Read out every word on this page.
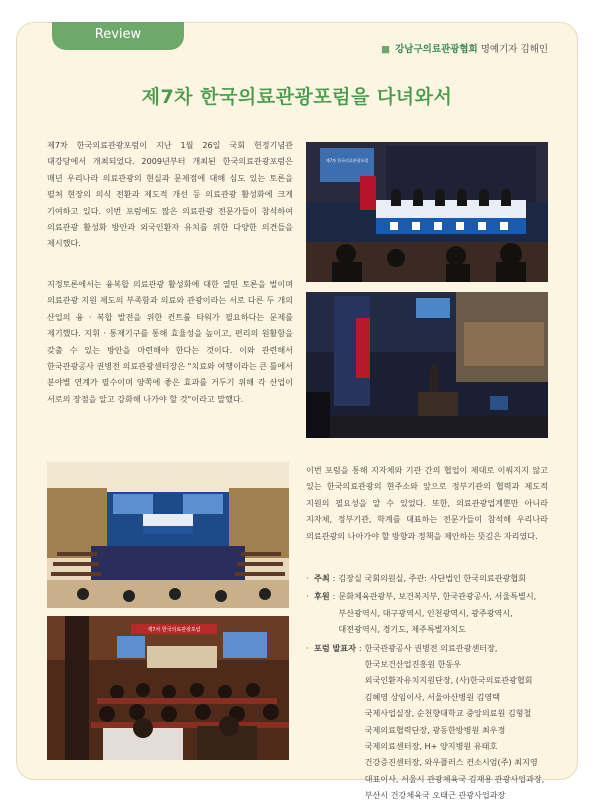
Review
■ 강남구의료관광협회 명예기자 김해인
제7차 한국의료관광포럼을 다녀와서

제7차 한국의료관광포럼이 지난 1월 26일 국회 헌정기념관 대강당에서 개최되었다. 2009년부터 개최된 한국의료관광포럼은 매년 우리나라 의료관광의 현실과 문제점에 대해 심도 있는 토론을 펼쳐 현장의 의식 전환과 제도적 개선 등 의료관광 활성화에 크게 기여하고 있다. 이번 포럼에도 많은 의료관광 전문가들이 참석하여 의료관광 활성화 방안과 외국인환자 유치를 위한 다양한 의견들을 제시했다.

지정토론에서는 융복합 의료관광 활성화에 대한 열띤 토론을 벌이며 의료관광 지원 제도의 부족함과 의료와 관광이라는 서로 다른 두 개의 산업의 융 · 복합 발전을 위한 컨트롤 타워가 필요하다는 문제를 제기했다. 지휘 · 통제기구를 통해 효율성을 높이고, 편리의 원활함을 갖출 수 있는 방안을 마련해야 한다는 것이다. 이와 관련해서 한국관광공사 권병전 의료관광센터장은 "치료와 여행이라는 큰 틀에서 분야별 연계가 필수이며 양쪽에 좋은 효과를 거두기 위해 각 산업이 서로의 장점을 알고 강화해 나가야 할 것"이라고 말했다.

이번 포럼을 통해 지자체와 기관 간의 협업이 제대로 이뤄지지 않고 있는 한국의료관광의 현주소와 앞으로 정부기관의 협력과 제도적 지원의 필요성을 알 수 있었다. 또한, 의료관광업계뿐만 아니라 지자체, 정부기관, 학계를 대표하는 전문가들이 참석해 우리나라 의료관광의 나아가야 할 방향과 정책을 제안하는 뜻깊은 자리였다.

· 주최 : 김장실 국회의원실, 주관: 사단법인 한국의료관광협회
· 후원 : 문화체육관광부, 보건복지부, 한국관광공사, 서울특별시, 부산광역시, 대구광역시, 인천광역시, 광주광역시, 대전광역시, 경기도, 제주특별자치도
· 포럼 발표자 : 한국관광공사 권병전 의료관광센터장, 한국보건산업진흥원 한동우 외국인환자유치지원단장, (사)한국의료관광협회 김혜영 상임이사, 서울아산병원 김영택 국제사업실장, 순천향대학교 중앙의료원 김형철 국제의료협력단장, 광동한방병원 최우정 국제의료센터장, H+ 양지병원 유태호 건강증진센터장, 와우플러스 컨소시엄(주) 최지영 대표이사, 서울시 관광체육국 김재용 관광사업과장, 부산시 건강체육국 오태근 관광사업과장
제7차 한국의료관광포럼
제7차 한국의료관광포럼
